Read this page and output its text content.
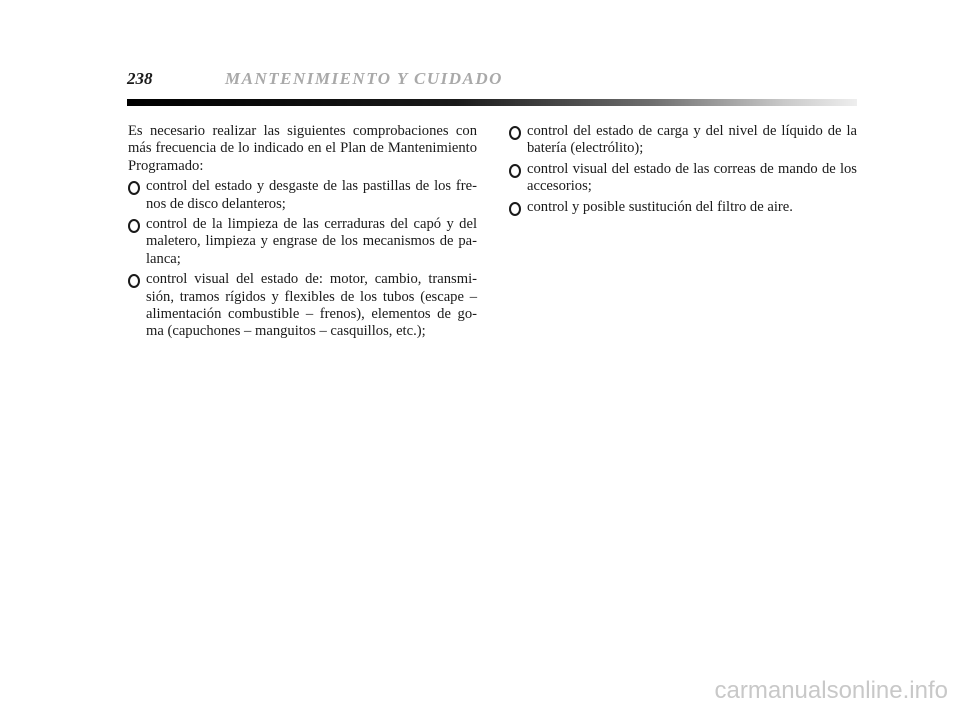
238	MANTENIMIENTO Y CUIDADO

Es necesario realizar las siguientes comprobaciones con más frecuencia de lo indicado en el Plan de Mantenimiento Programado:

control del estado y desgaste de las pastillas de los fre-nos de disco delanteros;
control de la limpieza de las cerraduras del capó y del maletero, limpieza y engrase de los mecanismos de pa-lanca;
control visual del estado de: motor, cambio, transmi-sión, tramos rígidos y flexibles de los tubos (escape – alimentación combustible – frenos), elementos de go-ma (capuchones – manguitos – casquillos, etc.);
control del estado de carga y del nivel de líquido de la batería (electrólito);
control visual del estado de las correas de mando de los accesorios;
control y posible sustitución del filtro de aire.
carmanualsonline.info
